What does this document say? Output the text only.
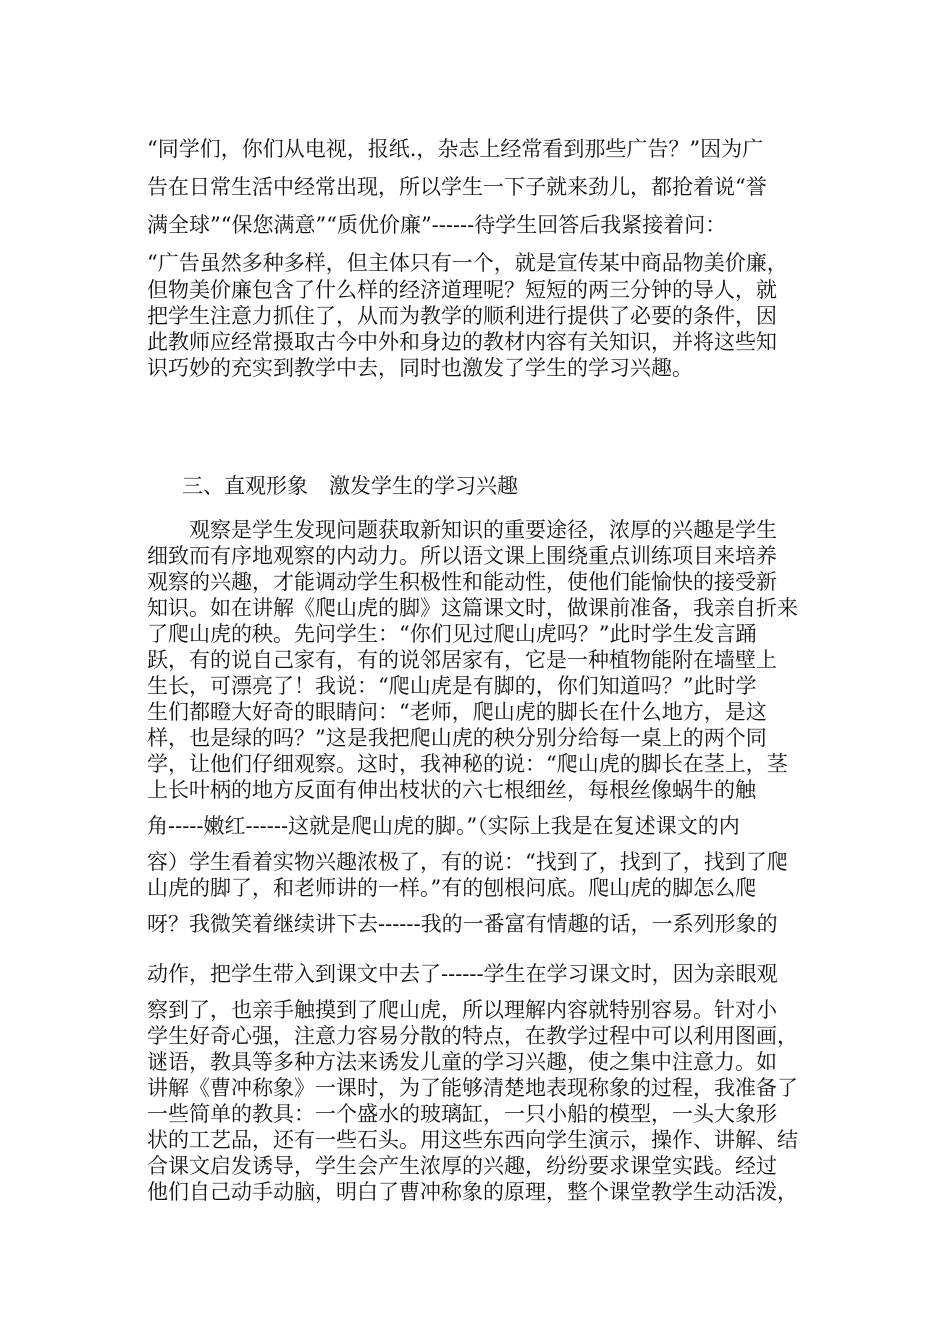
“同学们，你们从电视，报纸.，杂志上经常看到那些广告？”因为广
告在日常生活中经常出现，所以学生一下子就来劲儿，都抢着说“誉
满全球”“保您满意”“质优价廉”------待学生回答后我紧接着问：
“广告虽然多种多样，但主体只有一个，就是宣传某中商品物美价廉，
但物美价廉包含了什么样的经济道理呢？短短的两三分钟的导人，就
把学生注意力抓住了，从而为教学的顺利进行提供了必要的条件，因
此教师应经常摄取古今中外和身边的教材内容有关知识，并将这些知
识巧妙的充实到教学中去，同时也激发了学生的学习兴趣。
三、直观形象　激发学生的学习兴趣
　　观察是学生发现问题获取新知识的重要途径，浓厚的兴趣是学生
细致而有序地观察的内动力。所以语文课上围绕重点训练项目来培养
观察的兴趣，才能调动学生积极性和能动性，使他们能愉快的接受新
知识。如在讲解《爬山虎的脚》这篇课文时，做课前准备，我亲自折来
了爬山虎的秧。先问学生：“你们见过爬山虎吗？”此时学生发言踊
跃，有的说自己家有，有的说邻居家有，它是一种植物能附在墙壁上
生长，可漂亮了！我说：“爬山虎是有脚的，你们知道吗？”此时学
生们都瞪大好奇的眼睛问：“老师，爬山虎的脚长在什么地方，是这
样，也是绿的吗？”这是我把爬山虎的秧分别分给每一桌上的两个同
学，让他们仔细观察。这时，我神秘的说：“爬山虎的脚长在茎上，茎
上长叶柄的地方反面有伸出枝状的六七根细丝，每根丝像蜗牛的触
角-----嫩红------这就是爬山虎的脚。”（实际上我是在复述课文的内
容）学生看着实物兴趣浓极了，有的说：“找到了，找到了，找到了爬
山虎的脚了，和老师讲的一样。”有的刨根问底。爬山虎的脚怎么爬
呀？我微笑着继续讲下去------我的一番富有情趣的话，一系列形象的
动作，把学生带入到课文中去了------学生在学习课文时，因为亲眼观
察到了，也亲手触摸到了爬山虎，所以理解内容就特别容易。针对小
学生好奇心强，注意力容易分散的特点，在教学过程中可以利用图画，
谜语，教具等多种方法来诱发儿童的学习兴趣，使之集中注意力。如
讲解《曹冲称象》一课时，为了能够清楚地表现称象的过程，我准备了
一些简单的教具：一个盛水的玻璃缸，一只小船的模型，一头大象形
状的工艺品，还有一些石头。用这些东西向学生演示，操作、讲解、结
合课文启发诱导，学生会产生浓厚的兴趣，纷纷要求课堂实践。经过
他们自己动手动脑，明白了曹冲称象的原理，整个课堂教学生动活泼，
